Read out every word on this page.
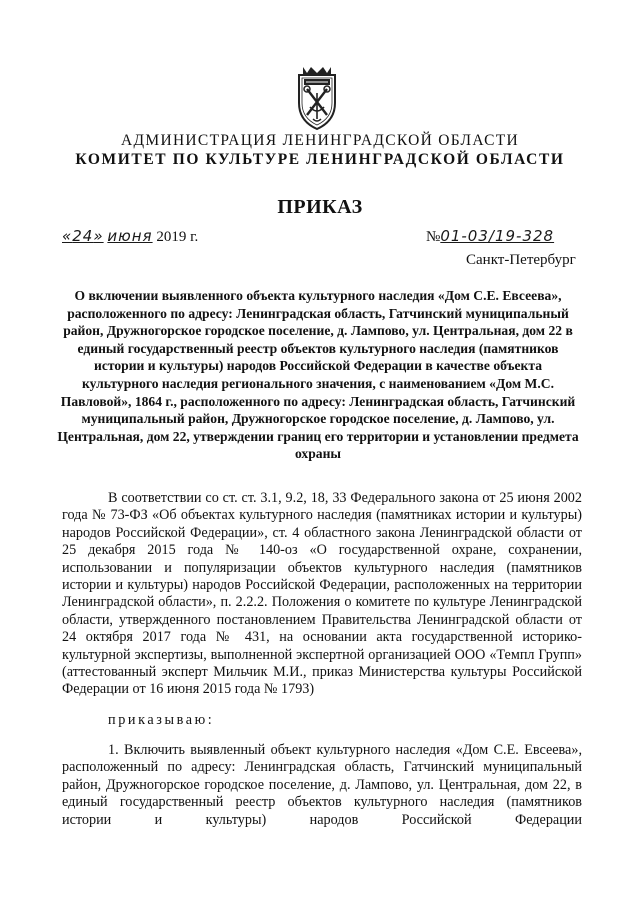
АДМИНИСТРАЦИЯ ЛЕНИНГРАДСКОЙ ОБЛАСТИ
КОМИТЕТ ПО КУЛЬТУРЕ ЛЕНИНГРАДСКОЙ ОБЛАСТИ
ПРИКАЗ
«24» июня 2019 г.	№01-03/19-328
Санкт-Петербург
О включении выявленного объекта культурного наследия «Дом С.Е. Евсеева», расположенного по адресу: Ленинградская область, Гатчинский муниципальный район, Дружногорское городское поселение, д. Лампово, ул. Центральная, дом 22 в единый государственный реестр объектов культурного наследия (памятников истории и культуры) народов Российской Федерации в качестве объекта культурного наследия регионального значения, с наименованием «Дом М.С. Павловой», 1864 г., расположенного по адресу: Ленинградская область, Гатчинский муниципальный район, Дружногорское городское поселение, д. Лампово, ул. Центральная, дом 22, утверждении границ его территории и установлении предмета охраны
В соответствии со ст. ст. 3.1, 9.2, 18, 33 Федерального закона от 25 июня 2002 года № 73-ФЗ «Об объектах культурного наследия (памятниках истории и культуры) народов Российской Федерации», ст. 4 областного закона Ленинградской области от 25 декабря 2015 года № 140-оз «О государственной охране, сохранении, использовании и популяризации объектов культурного наследия (памятников истории и культуры) народов Российской Федерации, расположенных на территории Ленинградской области», п. 2.2.2. Положения о комитете по культуре Ленинградской области, утвержденного постановлением Правительства Ленинградской области от 24 октября 2017 года № 431, на основании акта государственной историко-культурной экспертизы, выполненной экспертной организацией ООО «Темпл Групп» (аттестованный эксперт Мильчик М.И., приказ Министерства культуры Российской Федерации от 16 июня 2015 года № 1793)
приказываю:
1. Включить выявленный объект культурного наследия «Дом С.Е. Евсеева», расположенный по адресу: Ленинградская область, Гатчинский муниципальный район, Дружногорское городское поселение, д. Лампово, ул. Центральная, дом 22, в единый государственный реестр объектов культурного наследия (памятников истории и культуры) народов Российской Федерации
